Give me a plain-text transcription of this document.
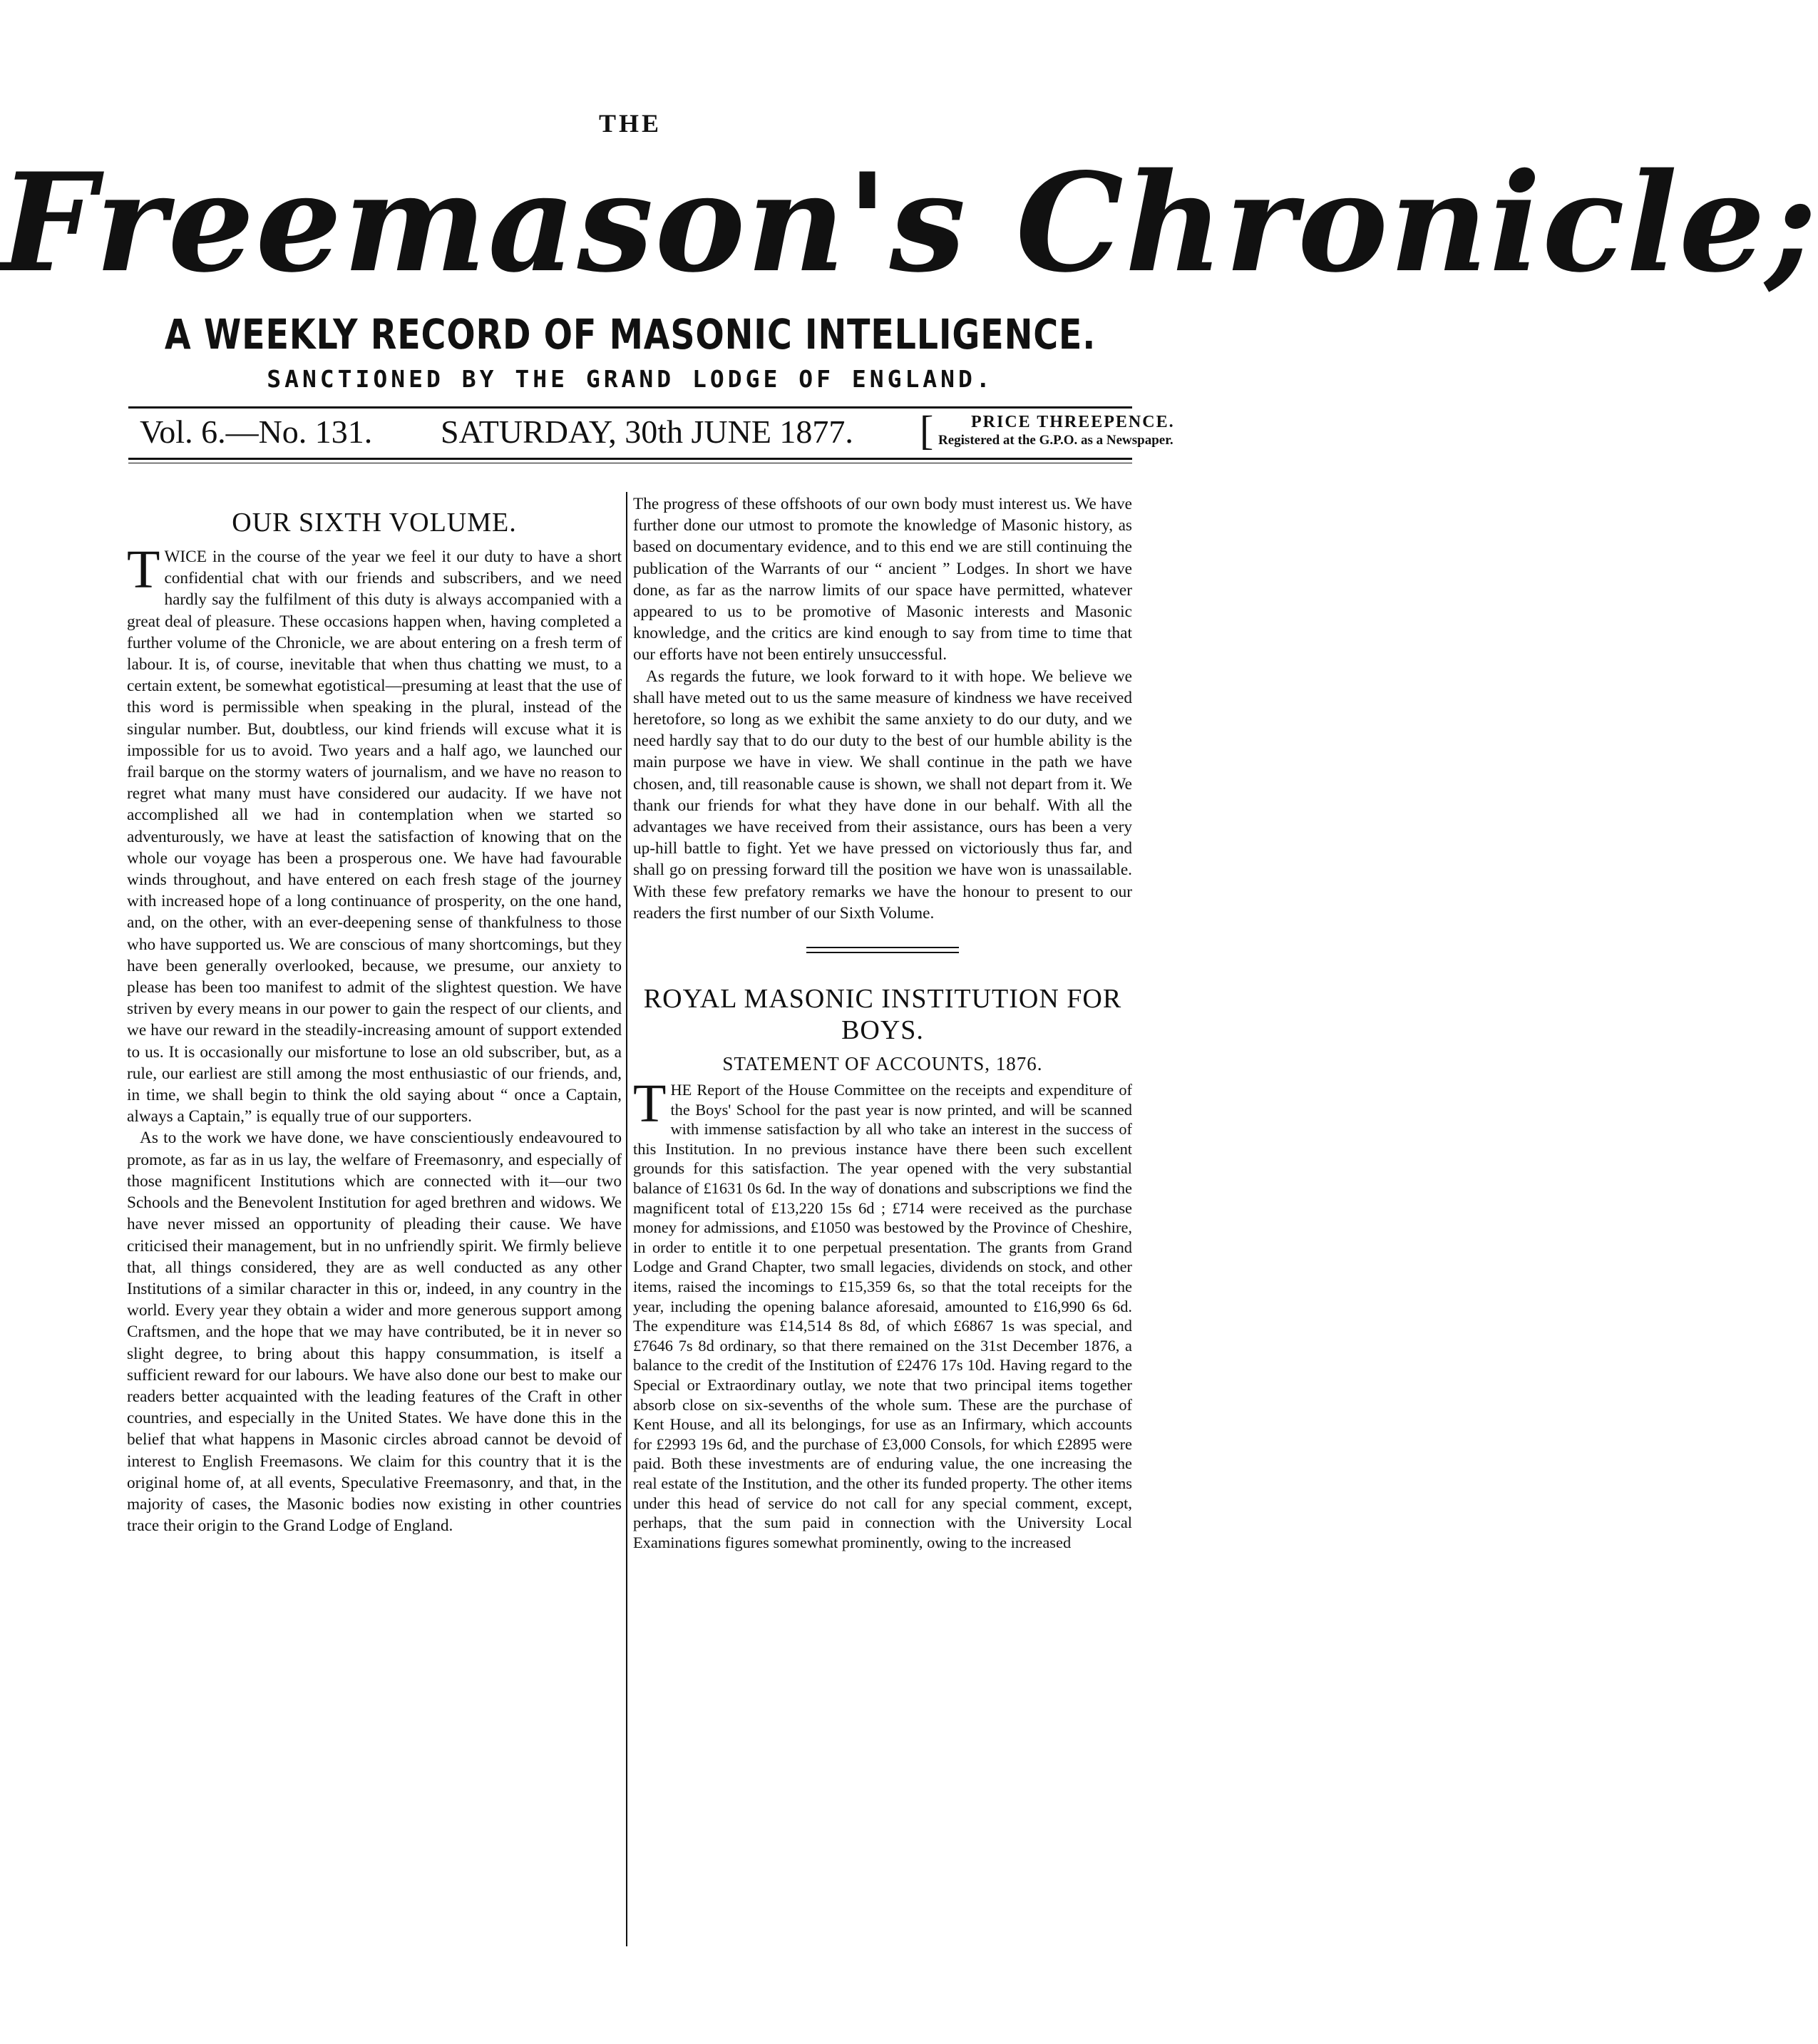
THE
Freemason's Chronicle;
A WEEKLY RECORD OF MASONIC INTELLIGENCE.
SANCTIONED BY THE GRAND LODGE OF ENGLAND.
Vol. 6.—No. 131. SATURDAY, 30th JUNE 1877. [ PRICE THREEPENCE.
Registered at the G.P.O. as a Newspaper.
OUR SIXTH VOLUME.

TWICE in the course of the year we feel it our duty to have a short confidential chat with our friends and subscribers, and we need hardly say the fulfilment of this duty is always accompanied with a great deal of pleasure. These occasions happen when, having completed a further volume of the Chronicle, we are about entering on a fresh term of labour. It is, of course, inevitable that when thus chatting we must, to a certain extent, be somewhat egotistical—presuming at least that the use of this word is permissible when speaking in the plural, instead of the singular number. But, doubtless, our kind friends will excuse what it is impossible for us to avoid. Two years and a half ago, we launched our frail barque on the stormy waters of journalism, and we have no reason to regret what many must have considered our audacity. If we have not accomplished all we had in contemplation when we started so adventurously, we have at least the satisfaction of knowing that on the whole our voyage has been a prosperous one. We have had favourable winds throughout, and have entered on each fresh stage of the journey with increased hope of a long continuance of prosperity, on the one hand, and, on the other, with an ever-deepening sense of thankfulness to those who have supported us. We are conscious of many shortcomings, but they have been generally overlooked, because, we presume, our anxiety to please has been too manifest to admit of the slightest question. We have striven by every means in our power to gain the respect of our clients, and we have our reward in the steadily-increasing amount of support extended to us. It is occasionally our misfortune to lose an old subscriber, but, as a rule, our earliest are still among the most enthusiastic of our friends, and, in time, we shall begin to think the old saying about “ once a Captain, always a Captain,” is equally true of our supporters.

As to the work we have done, we have conscientiously endeavoured to promote, as far as in us lay, the welfare of Freemasonry, and especially of those magnificent Institutions which are connected with it—our two Schools and the Benevolent Institution for aged brethren and widows. We have never missed an opportunity of pleading their cause. We have criticised their management, but in no unfriendly spirit. We firmly believe that, all things considered, they are as well conducted as any other Institutions of a similar character in this or, indeed, in any country in the world. Every year they obtain a wider and more generous support among Craftsmen, and the hope that we may have contributed, be it in never so slight degree, to bring about this happy consummation, is itself a sufficient reward for our labours. We have also done our best to make our readers better acquainted with the leading features of the Craft in other countries, and especially in the United States. We have done this in the belief that what happens in Masonic circles abroad cannot be devoid of interest to English Freemasons. We claim for this country that it is the original home of, at all events, Speculative Freemasonry, and that, in the majority of cases, the Masonic bodies now existing in other countries trace their origin to the Grand Lodge of England.

The progress of these offshoots of our own body must interest us. We have further done our utmost to promote the knowledge of Masonic history, as based on documentary evidence, and to this end we are still continuing the publication of the Warrants of our “ ancient ” Lodges. In short we have done, as far as the narrow limits of our space have permitted, whatever appeared to us to be promotive of Masonic interests and Masonic knowledge, and the critics are kind enough to say from time to time that our efforts have not been entirely unsuccessful.

As regards the future, we look forward to it with hope. We believe we shall have meted out to us the same measure of kindness we have received heretofore, so long as we exhibit the same anxiety to do our duty, and we need hardly say that to do our duty to the best of our humble ability is the main purpose we have in view. We shall continue in the path we have chosen, and, till reasonable cause is shown, we shall not depart from it. We thank our friends for what they have done in our behalf. With all the advantages we have received from their assistance, ours has been a very up-hill battle to fight. Yet we have pressed on victoriously thus far, and shall go on pressing forward till the position we have won is unassailable. With these few prefatory remarks we have the honour to present to our readers the first number of our Sixth Volume.

ROYAL MASONIC INSTITUTION FOR
BOYS.
STATEMENT OF ACCOUNTS, 1876.

THE Report of the House Committee on the receipts and expenditure of the Boys' School for the past year is now printed, and will be scanned with immense satisfaction by all who take an interest in the success of this Institution. In no previous instance have there been such excellent grounds for this satisfaction. The year opened with the very substantial balance of £1631 0s 6d. In the way of donations and subscriptions we find the magnificent total of £13,220 15s 6d ; £714 were received as the purchase money for admissions, and £1050 was bestowed by the Province of Cheshire, in order to entitle it to one perpetual presentation. The grants from Grand Lodge and Grand Chapter, two small legacies, dividends on stock, and other items, raised the incomings to £15,359 6s, so that the total receipts for the year, including the opening balance aforesaid, amounted to £16,990 6s 6d. The expenditure was £14,514 8s 8d, of which £6867 1s was special, and £7646 7s 8d ordinary, so that there remained on the 31st December 1876, a balance to the credit of the Institution of £2476 17s 10d. Having regard to the Special or Extraordinary outlay, we note that two principal items together absorb close on six-sevenths of the whole sum. These are the purchase of Kent House, and all its belongings, for use as an Infirmary, which accounts for £2993 19s 6d, and the purchase of £3,000 Consols, for which £2895 were paid. Both these investments are of enduring value, the one increasing the real estate of the Institution, and the other its funded property. The other items under this head of service do not call for any special comment, except, perhaps, that the sum paid in connection with the University Local Examinations figures somewhat prominently, owing to the increased
